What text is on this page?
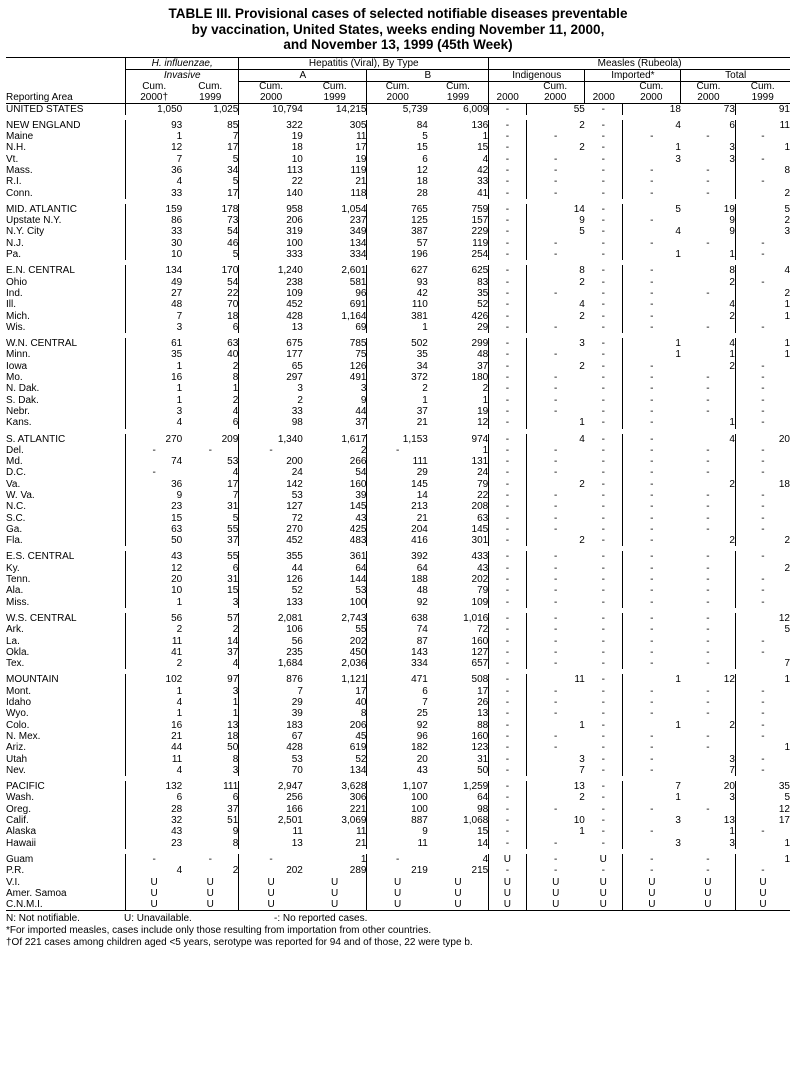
TABLE III. Provisional cases of selected notifiable diseases preventable
by vaccination, United States, weeks ending November 11, 2000,
and November 13, 1999 (45th Week)
	H. influenzae,		Hepatitis (Viral), By Type				Measles (Rubeola)					
	Invasive		A		B		Indigenous		Imported*		Total	
	Cum.	Cum.	Cum.	Cum.	Cum.	Cum.		Cum.		Cum.	Cum.	Cum.
Reporting Area	2000†	1999	2000	1999	2000	1999	2000	2000	2000	2000	2000	1999
UNITED STATES	1,050	1,025	10,794	14,215	5,739	6,009	-	55	-	18	73	91

NEW ENGLAND	93	85	322	305	84	136	-	2	-	4	6	11
Maine	1	7	19	11	5	1	-	-	-	-	-	-
N.H.	12	17	18	17	15	15	-	2	-	1	3	1
Vt.	7	5	10	19	6	4	-	-	-	3	3	-
Mass.	36	34	113	119	12	42	-	-	-	-	-	8
R.I.	4	5	22	21	18	33	-	-	-	-	-	-
Conn.	33	17	140	118	28	41	-	-	-	-	-	2

MID. ATLANTIC	159	178	958	1,054	765	759	-	14	-	5	19	5
Upstate N.Y.	86	73	206	237	125	157	-	9	-	-	9	2
N.Y. City	33	54	319	349	387	229	-	5	-	4	9	3
N.J.	30	46	100	134	57	119	-	-	-	-	-	-
Pa.	10	5	333	334	196	254	-	-	-	1	1	-

E.N. CENTRAL	134	170	1,240	2,601	627	625	-	8	-	-	8	4
Ohio	49	54	238	581	93	83	-	2	-	-	2	-
Ind.	27	22	109	96	42	35	-	-	-	-	-	2
Ill.	48	70	452	691	110	52	-	4	-	-	4	1
Mich.	7	18	428	1,164	381	426	-	2	-	-	2	1
Wis.	3	6	13	69	1	29	-	-	-	-	-	-

W.N. CENTRAL	61	63	675	785	502	299	-	3	-	1	4	1
Minn.	35	40	177	75	35	48	-	-	-	1	1	1
Iowa	1	2	65	126	34	37	-	2	-	-	2	-
Mo.	16	8	297	491	372	180	-	-	-	-	-	-
N. Dak.	1	1	3	3	2	2	-	-	-	-	-	-
S. Dak.	1	2	2	9	1	1	-	-	-	-	-	-
Nebr.	3	4	33	44	37	19	-	-	-	-	-	-
Kans.	4	6	98	37	21	12	-	1	-	-	1	-

S. ATLANTIC	270	209	1,340	1,617	1,153	974	-	4	-	-	4	20
Del.	-	-	-	2	-	1	-	-	-	-	-	-
Md.	74	53	200	266	111	131	-	-	-	-	-	-
D.C.	-	4	24	54	29	24	-	-	-	-	-	-
Va.	36	17	142	160	145	79	-	2	-	-	2	18
W. Va.	9	7	53	39	14	22	-	-	-	-	-	-
N.C.	23	31	127	145	213	208	-	-	-	-	-	-
S.C.	15	5	72	43	21	63	-	-	-	-	-	-
Ga.	63	55	270	425	204	145	-	-	-	-	-	-
Fla.	50	37	452	483	416	301	-	2	-	-	2	2

E.S. CENTRAL	43	55	355	361	392	433	-	-	-	-	-	-
Ky.	12	6	44	64	64	43	-	-	-	-	-	2
Tenn.	20	31	126	144	188	202	-	-	-	-	-	-
Ala.	10	15	52	53	48	79	-	-	-	-	-	-
Miss.	1	3	133	100	92	109	-	-	-	-	-	-

W.S. CENTRAL	56	57	2,081	2,743	638	1,016	-	-	-	-	-	12
Ark.	2	2	106	55	74	72	-	-	-	-	-	5
La.	11	14	56	202	87	160	-	-	-	-	-	-
Okla.	41	37	235	450	143	127	-	-	-	-	-	-
Tex.	2	4	1,684	2,036	334	657	-	-	-	-	-	7

MOUNTAIN	102	97	876	1,121	471	508	-	11	-	1	12	1
Mont.	1	3	7	17	6	17	-	-	-	-	-	-
Idaho	4	1	29	40	7	26	-	-	-	-	-	-
Wyo.	1	1	39	8	25	13	-	-	-	-	-	-
Colo.	16	13	183	206	92	88	-	1	-	1	2	-
N. Mex.	21	18	67	45	96	160	-	-	-	-	-	-
Ariz.	44	50	428	619	182	123	-	-	-	-	-	1
Utah	11	8	53	52	20	31	-	3	-	-	3	-
Nev.	4	3	70	134	43	50	-	7	-	-	7	-

PACIFIC	132	111	2,947	3,628	1,107	1,259	-	13	-	7	20	35
Wash.	6	6	256	306	100	64	-	2	-	1	3	5
Oreg.	28	37	166	221	100	98	-	-	-	-	-	12
Calif.	32	51	2,501	3,069	887	1,068	-	10	-	3	13	17
Alaska	43	9	11	11	9	15	-	1	-	-	1	-
Hawaii	23	8	13	21	11	14	-	-	-	3	3	1

Guam	-	-	-	1	-	4	U	-	U	-	-	1
P.R.	4	2	202	289	219	215	-	-	-	-	-	-
V.I.	U	U	U	U	U	U	U	U	U	U	U	U
Amer. Samoa	U	U	U	U	U	U	U	U	U	U	U	U
C.N.M.I.	U	U	U	U	U	U	U	U	U	U	U	U
N: Not notifiable.	U: Unavailable.	-: No reported cases.
*For imported measles, cases include only those resulting from importation from other countries.
†Of 221 cases among children aged <5 years, serotype was reported for 94 and of those, 22 were type b.
